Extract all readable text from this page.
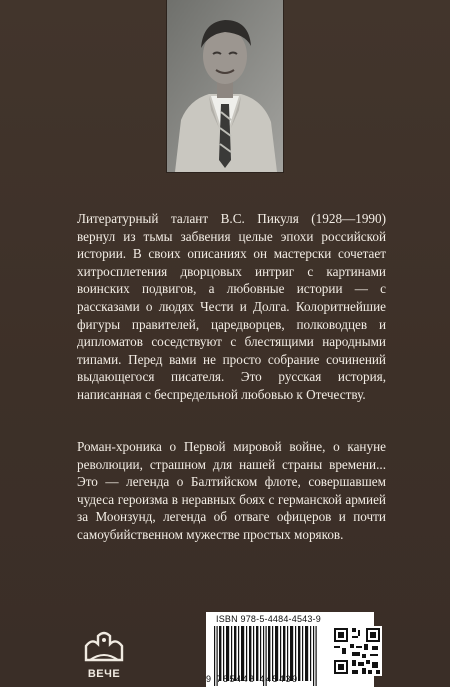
Литературный талант В.С. Пикуля (1928—1990) вернул из тьмы забвения целые эпохи российской истории. В своих описаниях он мастерски сочетает хитросплетения дворцовых интриг с картинами воинских подвигов, а любовные истории — с рассказами о людях Чести и Долга. Колоритнейшие фигуры правителей, царедворцев, полководцев и дипломатов соседствуют с блестящими народными типами. Перед вами не просто собрание сочинений выдающегося писателя. Это русская история, написанная с беспредельной любовью к Отечеству.

Роман-хроника о Первой мировой войне, о кануне революции, страшном для нашей страны времени... Это — легенда о Балтийском флоте, совершавшем чудеса героизма в неравных боях с германской армией за Моонзунд, легенда об отваге офицеров и почти самоубийственном мужестве простых моряков.

ВЕЧЕ
ISBN 978-5-4484-4543-9
9 785448 445439
